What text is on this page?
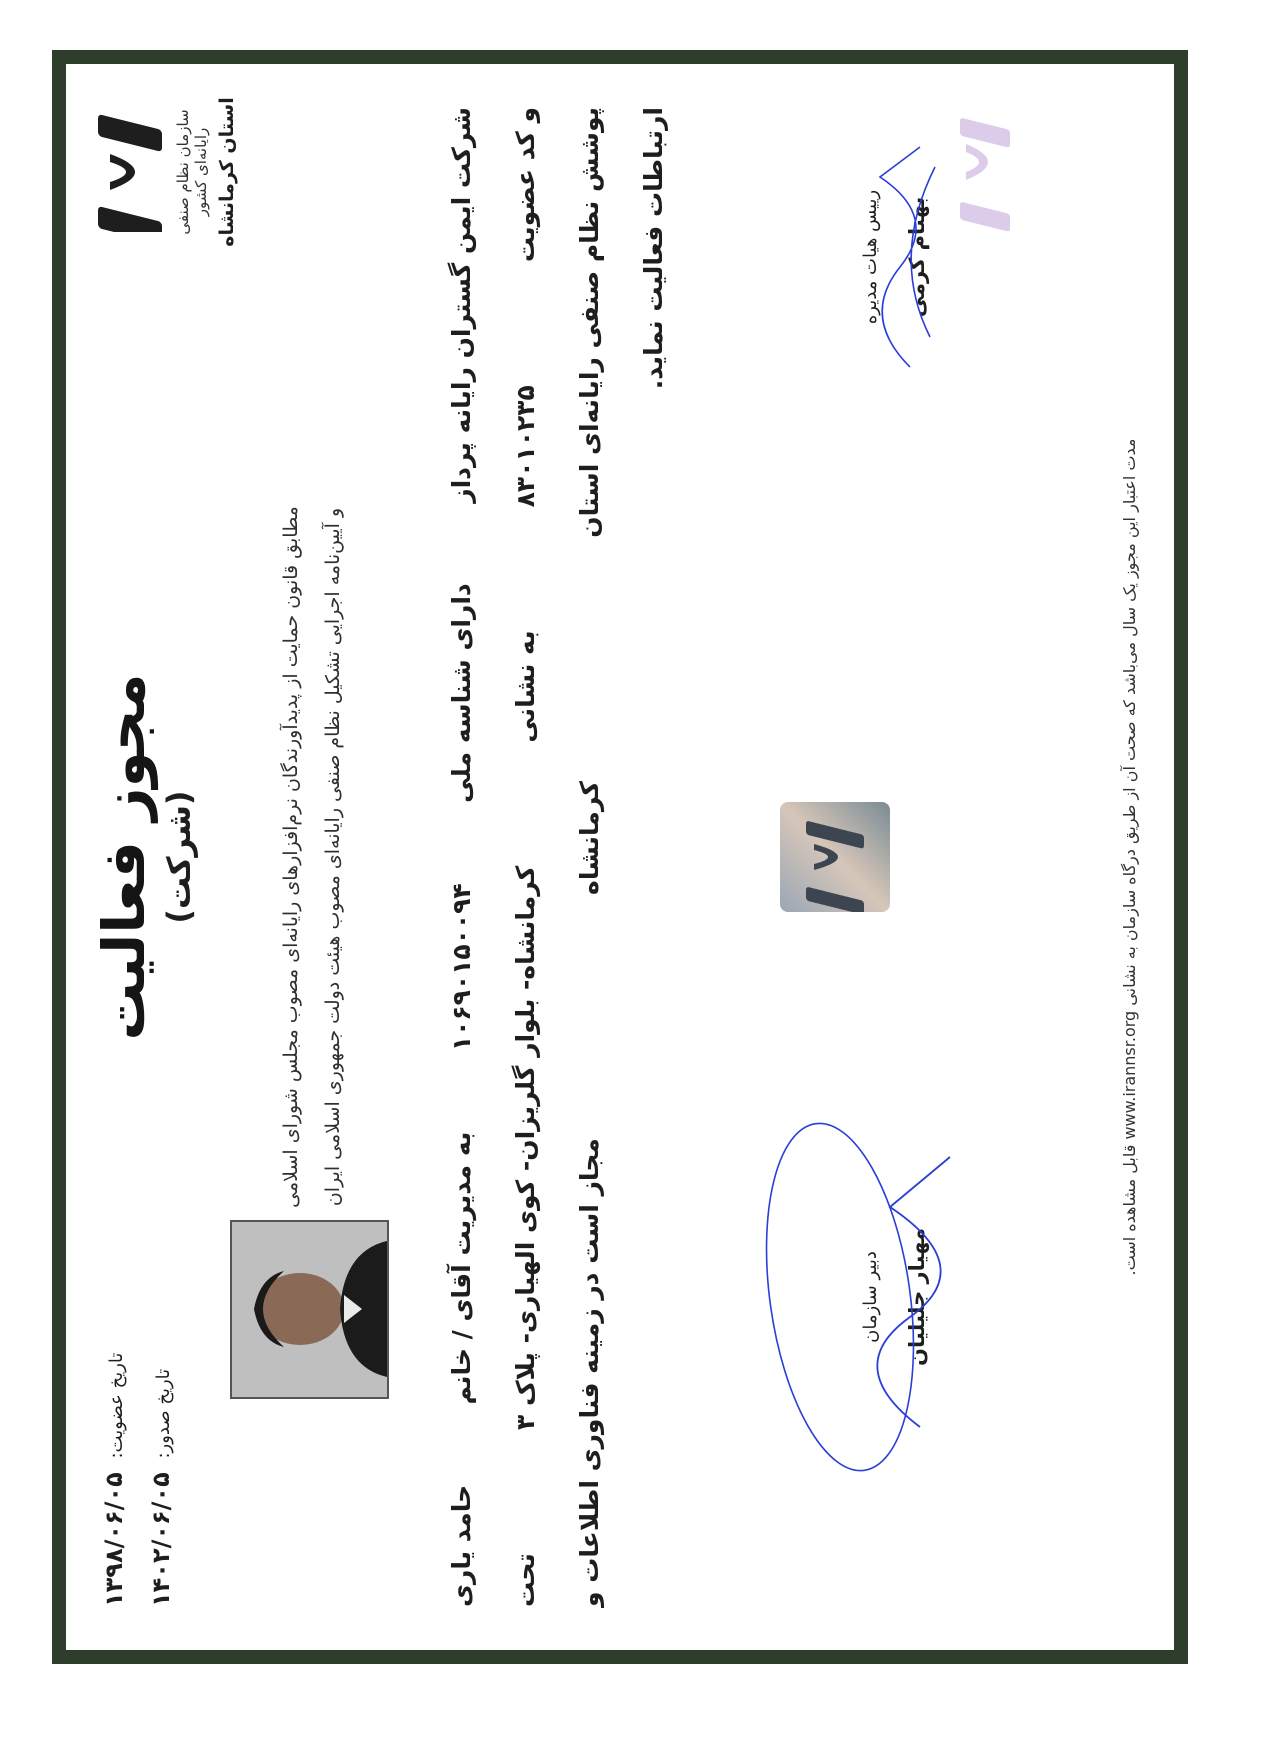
سازمان نظام صنفی رایانه‌ای کشور استان کرمانشاه
مجوز فعالیت (شرکت)	مطابق قانون حمایت از پدیدآورندگان نرم‌افزارهای رایانه‌ای مصوب مجلس شورای اسلامی	و آیین‌نامه اجرایی تشکیل نظام صنفی رایانه‌ای مصوب هیئت دولت جمهوری اسلامی ایران
تاریخ عضویت: ۱۳۹۸/۰۶/۰۵
تاریخ صدور: ۱۴۰۲/۰۶/۰۵
شرکت ایمن گستران رایانه پرداز
دارای شناسه ملی
۱۰۶۹۰۱۵۰۰۹۴
به مدیریت آقای / خانم
حامد یاری
و کد عضویت
۸۳۰۱۰۲۳۵
به نشانی
کرمانشاه- بلوار گلریزان- کوی الهیاری- پلاک ۳
تحت
پوشش نظام صنفی رایانه‌ای استان
کرمانشاه
مجاز است در زمینه فناوری اطلاعات و
ارتباطات فعالیت نماید.	رییس هیات مدیره بهنام کرمی
دبیر سازمان مهیار جلیلیان
مدت اعتبار این مجوز یک سال می‌باشد که صحت آن از طریق درگاه سازمان به نشانی www.irannsr.org قابل مشاهده است.
